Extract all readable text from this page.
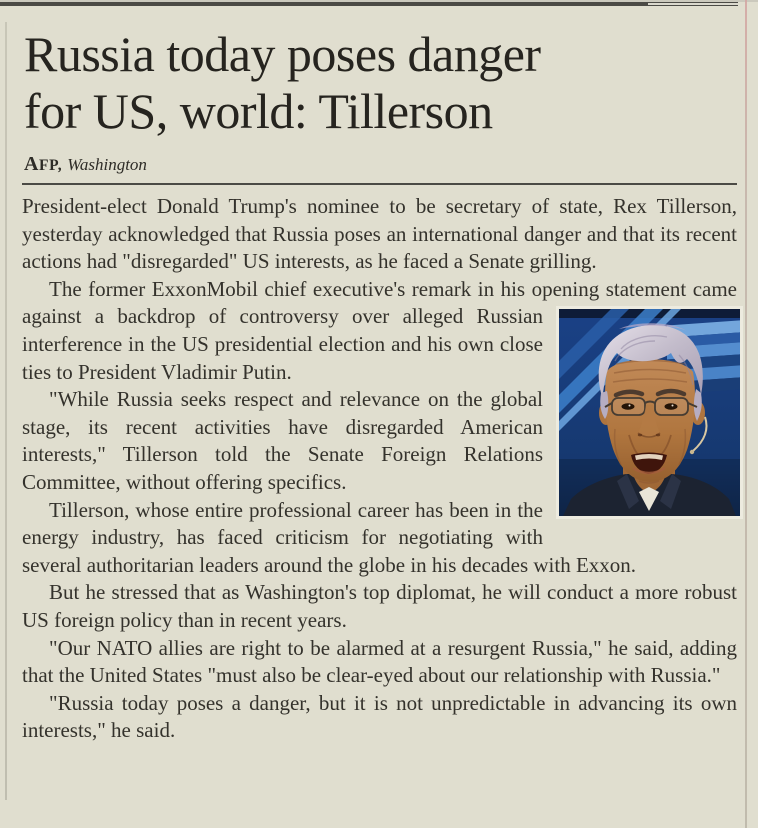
Russia today poses danger
for US, world: Tillerson
AFP, Washington
President-elect Donald Trump's nominee to be secretary of state, Rex Tillerson, yesterday acknowledged that Russia poses an international danger and that its recent actions had "disregarded" US interests, as he faced a Senate grilling.
The former ExxonMobil chief executive's remark in his opening statement came against a backdrop of controversy over alleged Russian
interference in the US presidential election and his own close ties to President Vladimir Putin.
"While Russia seeks respect and relevance on the global stage, its recent activities have disregarded American interests," Tillerson told the Senate Foreign Relations Committee, without offering specifics.
Tillerson, whose entire professional career has been in the energy industry, has faced criticism for negotiating with several authoritarian leaders around the globe in his decades with Exxon.
But he stressed that as Washington's top diplomat, he will conduct a more robust US foreign policy than in recent years.
"Our NATO allies are right to be alarmed at a resurgent Russia," he said, adding that the United States "must also be clear-eyed about our relationship with Russia."
"Russia today poses a danger, but it is not unpredictable in advancing its own interests," he said.
